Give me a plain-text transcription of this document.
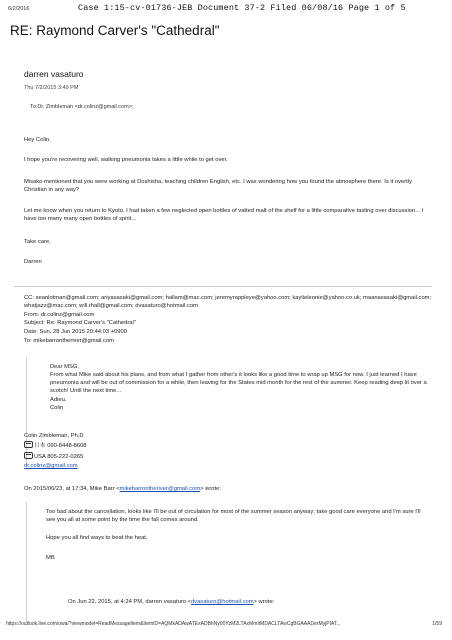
6/2/2016	Case 1:15-cv-01736-JEB Document 37-2 Filed 06/08/16 Page 1 of 5
RE: Raymond Carver's "Cathedral"
darren vasaturo
Thu 7/2/2015 3:49 PM
To:Dr. Zimbleman <dr.colinz@gmail.com>;
Hey Colin,
I hope you're recovering well, walking pneumonia takes a little while to get over.
Misako mentioned that you were working at Doshisha, teaching children English, etc. I was wondering how you found the atmosphere there. Is it overtly Christian in any way?
Let me know when you return to Kyoto. I had taken a few neglected open bottles of vatted malt of the shelf for a little comparative tasting over discussion... I have too many many open bottles of spirit...
Take care,
Darren
CC: seanlotman@gmail.com; ariyasasaki@gmail.com; hallam@mac.com; jeremyrappleye@yahoo.com; kaylieleonie@yahoo.co.uk; maanasasaki@gmail.com; whatjazz@mac.com; will.rhall@gmail.com; dvasaturo@hotmail.com
From: dr.colinz@gmail.com
Subject: Re: Raymond Carver's "Cathedral"
Date: Sun, 28 Jun 2015 20:44:03 +0900
To: mikebarrontheriver@gmail.com
Dear MSG,
From what Mike said about his plans, and from what I gather from other's it looks like a good time to wrap up MSG for now. I just learned I have pneumonia and will be out of commission for a while, then leaving for the States mid month for the rest of the summer. Keep reading deep lit over a scotch! Until the next time...
Adieu,
Colin
Colin Zimbleman, Ph.D
日本 090-8448-8608
USA 805-222-0265
dr.colinz@gmail.com
On 2015/06/23, at 17:34, Mike Barr <mikebarrontheriver@gmail.com> wrote:
Too bad about the cancellation, looks like I'll be out of circulation for most of the summer season anyway; take good care everyone and I'm sure I'll see you all at some point by the time the fall comes around.
Hope you all find ways to beat the heat,
MB
On Jun 22, 2015, at 4:24 PM, darren vasaturo <dvasaturo@hotmail.com> wrote:
https://outlook.live.com/owa/?viewmodel=ReadMessageItem&ItemID=AQMkADAwATExADBhNy00YzM2LTAxMmItMDACLTAwCgBGAAADerMyjPIAT...	1/59
